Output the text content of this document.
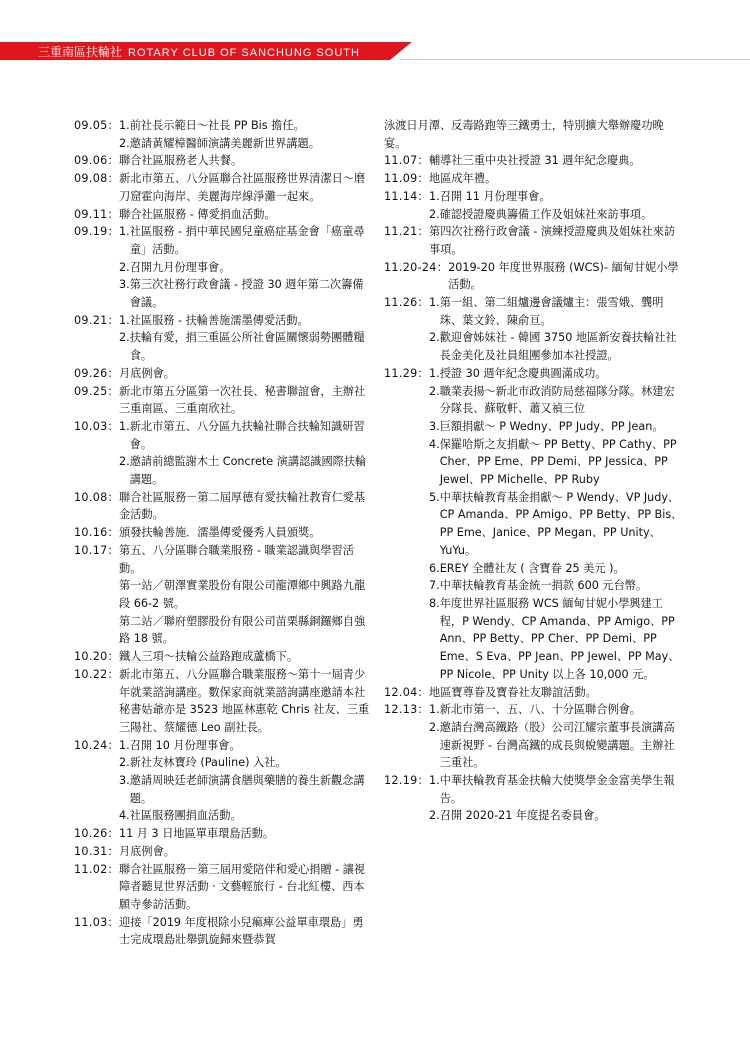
三重南區扶輪社 ROTARY CLUB OF SANCHUNG SOUTH
09.05： 1. 前社長示範日～社長 PP Bis 擔任。
2. 邀請黃耀樟醫師演講美麗新世界講題。
09.06： 聯合社區服務老人共餐。
09.08： 新北市第五、八分區聯合社區服務世界清潔日～磨刀窟霍向海岸、美麗海岸線淨灘一起來。
09.11： 聯合社區服務 - 傳愛捐血活動。
09.19： 1. 社區服務 - 捐中華民國兒童癌症基金會「癌童尋童」活動。
2. 召開九月份理事會。
3. 第三次社務行政會議 - 授證 30 週年第二次籌備會議。
09.21： 1. 社區服務 - 扶輪善施濡墨傳愛活動。
2. 扶輪有愛，捐三重區公所社會區關懷弱勢團體糧食。
09.26： 月底例會。
09.25： 新北市第五分區第一次社長、秘書聯誼會，主辦社三重南區、三重南欣社。
10.03： 1. 新北市第五、八分區九扶輪社聯合扶輪知識研習會。
2. 邀請前總監謝木土 Concrete 演講認識國際扶輪講題。
10.08： 聯合社區服務－第二屆厚德有愛扶輪社教育仁愛基金活動。
10.16： 頒發扶輪善施．濡墨傳愛優秀人員頒獎。
10.17： 第五、八分區聯合職業服務 - 職業認識與學習活動。
第一站／朝澤實業股份有限公司龍潭鄉中興路九龍段 66-2 號。
第二站／聯府塑膠股份有限公司苗栗縣銅鑼鄉自強路 18 號。
10.20： 鐵人三項～扶輪公益路跑成蘆橋下。
10.22： 新北市第五、八分區聯合職業服務～第十一屆青少年就業諮詢講座。數保家商就業諮詢講座邀請本社秘書姑爺亦是 3523 地區林惠乾 Chris 社友、三重三陽社、蔡耀德 Leo 副社長。
10.24： 1. 召開 10 月份理事會。
2. 新社友林寶玲 (Pauline) 入社。
3. 邀請周映廷老師演講食膳與藥膳的養生新觀念講題。
4. 社區服務團捐血活動。
10.26： 11 月 3 日地區單車環島活動。
10.31： 月底例會。
11.02： 聯合社區服務－第三屆用愛陪伴和愛心捐贈 - 讓視障者聽見世界活動 ‧ 文藝輕旅行 - 台北紅樓、西本願寺參訪活動。
11.03： 迎接「2019 年度根除小兒痲痺公益單車環島」勇士完成環島壯舉凱旋歸來暨恭賀
泳渡日月潭、反毒路跑等三鐵勇士，特別擴大舉辦慶功晚宴。
11.07： 輔導社三重中央社授證 31 週年紀念慶典。
11.09： 地區成年禮。
11.14： 1. 召開 11 月份理事會。
2. 確認授證慶典籌備工作及姐妹社來訪事項。
11.21： 第四次社務行政會議 - 演練授證慶典及姐妹社來訪事項。
11.20-24： 2019-20 年度世界服務 (WCS)- 緬甸甘妮小學活動。
11.26： 1. 第一組、第二組爐邊會議爐主：張雪娥、龔明珠、葉文鈴、陳俞亘。
2. 歡迎會姊妹社 - 韓國 3750 地區新安養扶輪社社長金美化及社員組團參加本社授證。
11.29： 1. 授證 30 週年紀念慶典圓滿成功。
2. 職業表揚～新北市政消防局慈福隊分隊。林建宏分隊長、蘇敬軒、蕭又禎三位
3. 巨額捐獻～ P Wedny、PP Judy、PP Jean。
4. 保羅哈斯之友捐獻～ PP Betty、PP Cathy、PP Cher、PP Eme、PP Demi、PP Jessica、PP Jewel、PP Michelle、PP Ruby
5. 中華扶輪教育基金捐獻～ P Wendy、VP Judy、CP Amanda、PP Amigo、PP Betty、PP Bis、PP Eme、Janice、PP Megan、PP Unity、YuYu。
6. EREY 全體社友 ( 含寶眷 25 美元 )。
7. 中華扶輪教育基金統一捐款 600 元台幣。
8. 年度世界社區服務 WCS 緬甸甘妮小學興建工程，P Wendy、CP Amanda、PP Amigo、PP Ann、PP Betty、PP Cher、PP Demi、PP Eme、S Eva、PP Jean、PP Jewel、PP May、PP Nicole、PP Unity 以上各 10,000 元。
12.04： 地區寶尊眷及寶眷社友聯誼活動。
12.13： 1. 新北市第一、五、八、十分區聯合例會。
2. 邀請台灣高鐵路（股）公司江耀宗董事長演講高速新視野 - 台灣高鐵的成長與蛻變講題。主辦社三重社。
12.19： 1. 中華扶輪教育基金扶輪大使獎學金金富美學生報告。
2. 召開 2020-21 年度提名委員會。
